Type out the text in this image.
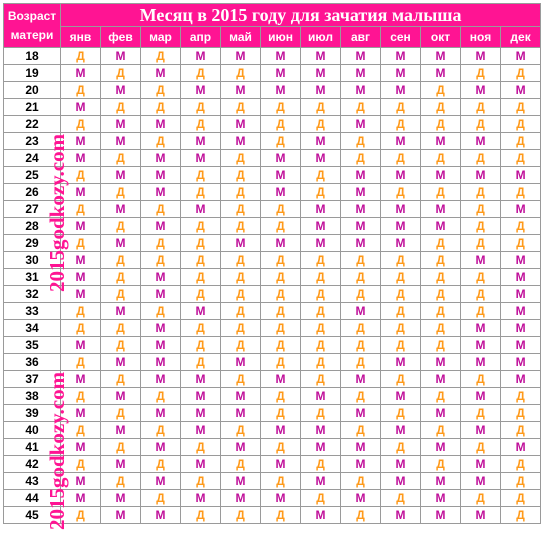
Возраст матери	Месяц в 2015 году для зачатия малыша											
	янв	фев	мар	апр	май	июн	июл	авг	сен	окт	ноя	дек
18	Д	М	Д	М	М	М	М	М	М	М	М	М
19	М	Д	М	Д	Д	М	М	М	М	М	Д	Д
20	Д	М	Д	М	М	М	М	М	М	Д	М	М
21	М	Д	Д	Д	Д	Д	Д	Д	Д	Д	Д	Д
22	Д	М	М	Д	М	Д	Д	М	Д	Д	Д	Д
23	М	М	Д	М	М	Д	М	Д	М	М	М	Д
24	М	Д	М	М	Д	М	М	Д	Д	Д	Д	Д
25	Д	М	М	Д	Д	М	Д	М	М	М	М	М
26	М	Д	М	Д	Д	М	Д	М	Д	Д	Д	Д
27	Д	М	Д	М	Д	Д	М	М	М	М	Д	М
28	М	Д	М	Д	Д	Д	М	М	М	М	Д	Д
29	Д	М	Д	Д	М	М	М	М	М	Д	Д	Д
30	М	Д	Д	Д	Д	Д	Д	Д	Д	Д	М	М
31	М	Д	М	Д	Д	Д	Д	Д	Д	Д	Д	М
32	М	Д	М	Д	Д	Д	Д	Д	Д	Д	Д	М
33	Д	М	Д	М	Д	Д	Д	М	Д	Д	Д	М
34	Д	Д	М	Д	Д	Д	Д	Д	Д	Д	М	М
35	М	Д	М	Д	Д	Д	Д	Д	Д	Д	М	М
36	Д	М	М	Д	М	Д	Д	Д	М	М	М	М
37	М	Д	М	М	Д	М	Д	М	Д	М	Д	М
38	Д	М	Д	М	М	Д	М	Д	М	Д	М	Д
39	М	Д	М	М	М	Д	Д	М	Д	М	Д	Д
40	Д	М	Д	М	Д	М	М	Д	М	Д	М	Д
41	М	Д	М	Д	М	Д	М	М	Д	М	Д	М
42	Д	М	Д	М	Д	М	Д	М	М	Д	М	Д
43	М	Д	М	Д	М	Д	М	Д	М	М	М	Д
44	М	М	Д	М	М	М	Д	М	Д	М	Д	Д
45	Д	М	М	Д	Д	Д	М	Д	М	М	М	Д
2015godkozy.com
2015godkozy.com
